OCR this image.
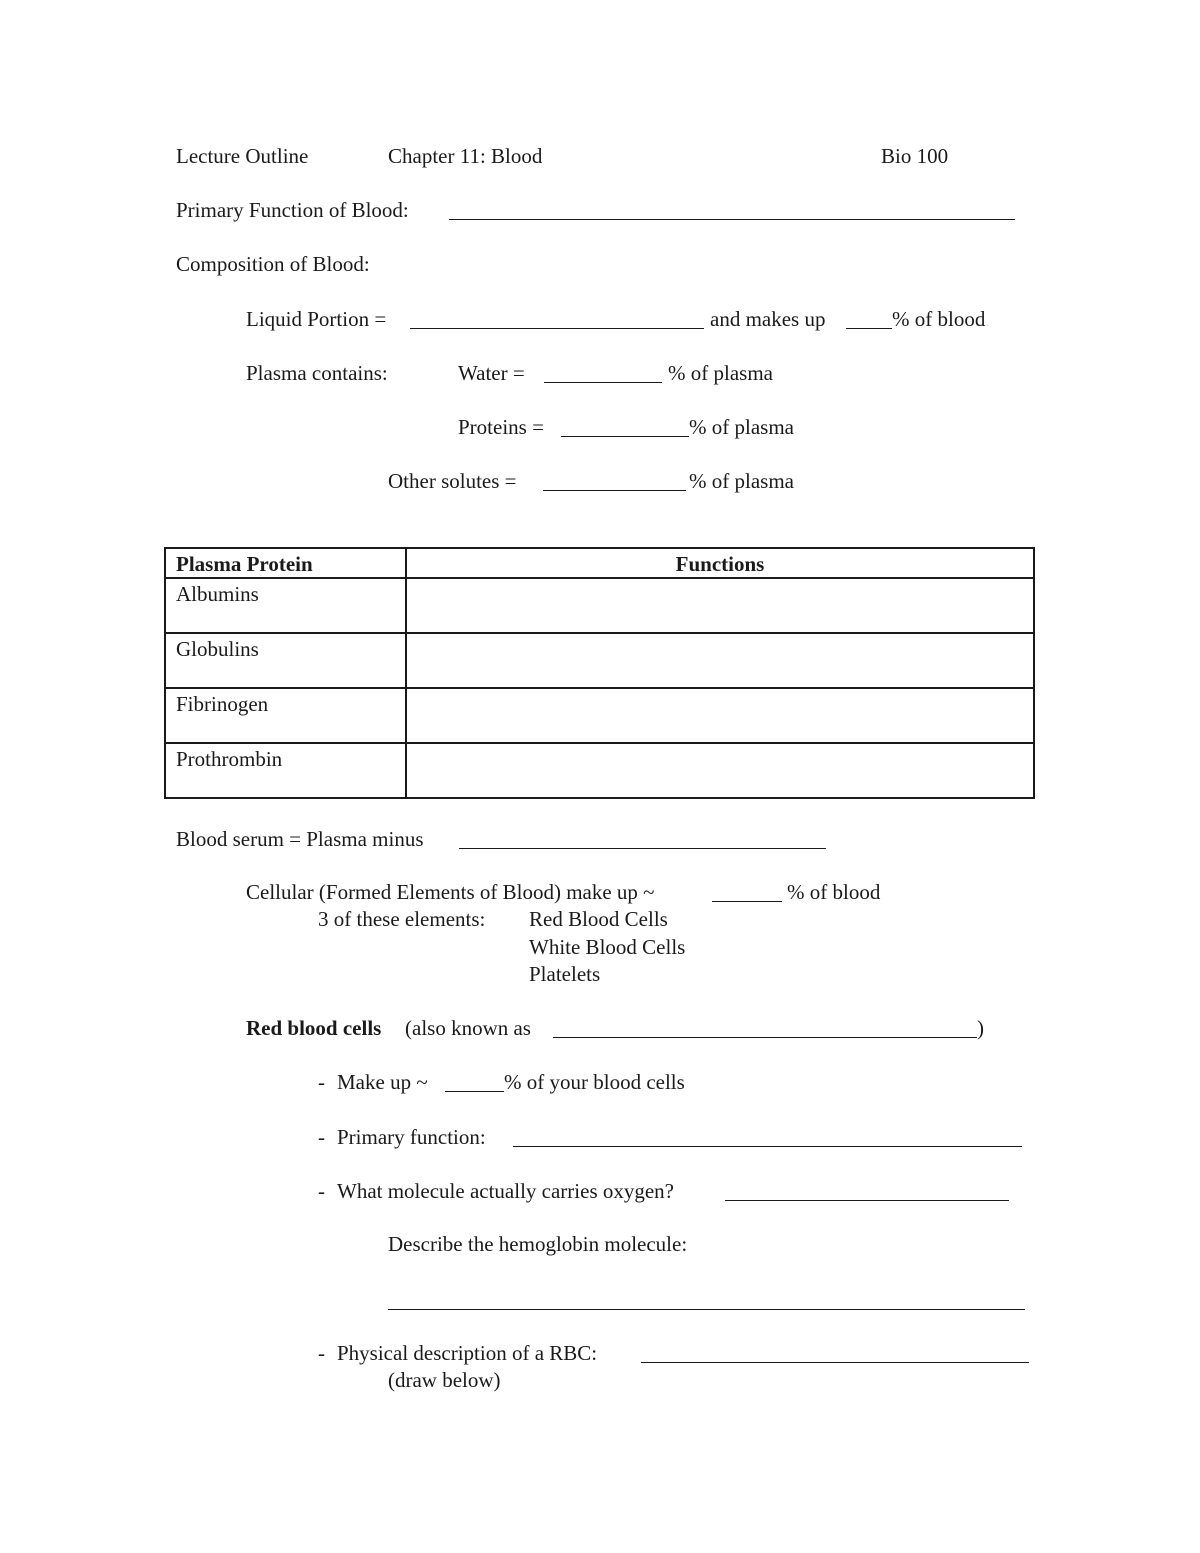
Lecture Outline	Chapter 11: Blood	Bio 100
Primary Function of Blood:
Composition of Blood:
Liquid Portion =	and makes up	% of blood
Plasma contains:	Water =	% of plasma
Proteins =	% of plasma
Other solutes =	% of plasma
Plasma Protein	Functions
Albumins	
Globulins	
Fibrinogen	
Prothrombin	
Blood serum = Plasma minus
Cellular (Formed Elements of Blood) make up ~	% of blood
3 of these elements: Red Blood Cells
White Blood Cells
Platelets
Red blood cells (also known as	)
- Make up ~	% of your blood cells
- Primary function:
- What molecule actually carries oxygen?
Describe the hemoglobin molecule:
- Physical description of a RBC:
(draw below)
